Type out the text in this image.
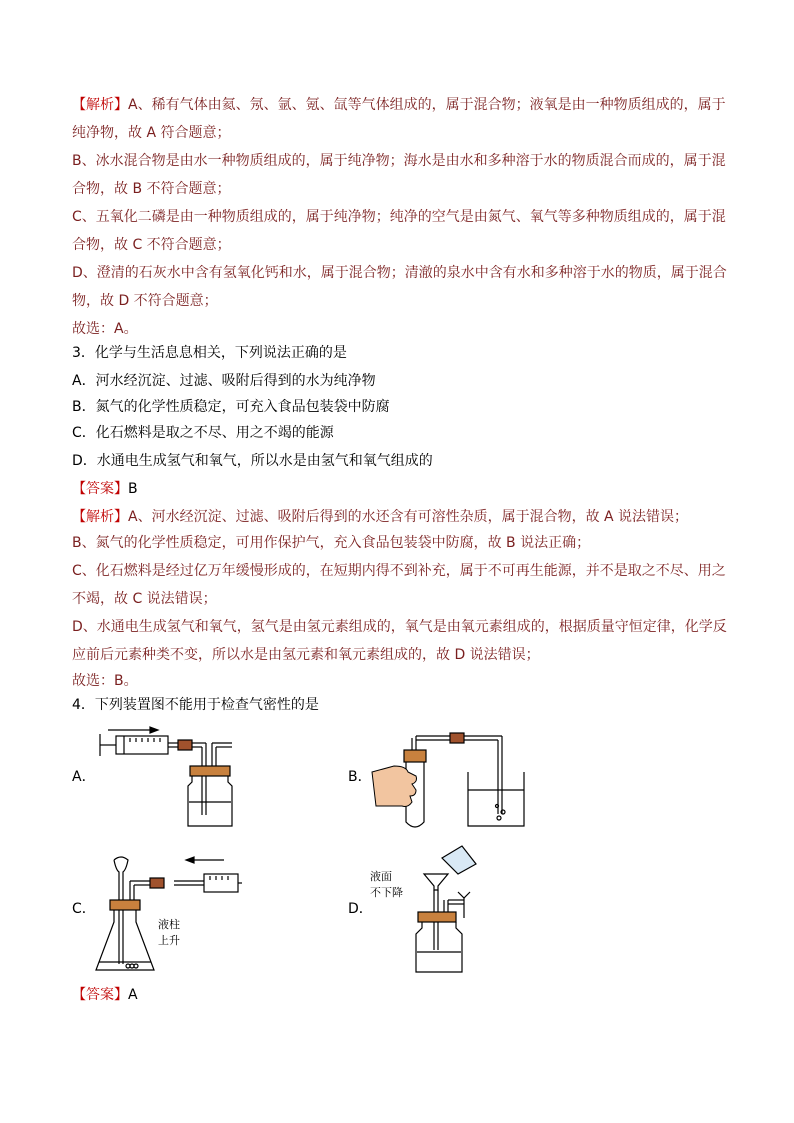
【解析】A、稀有气体由氦、氖、氩、氪、氙等气体组成的，属于混合物；液氧是由一种物质组成的，属于
纯净物，故 A 符合题意；
B、冰水混合物是由水一种物质组成的，属于纯净物；海水是由水和多种溶于水的物质混合而成的，属于混
合物，故 B 不符合题意；
C、五氧化二磷是由一种物质组成的，属于纯净物；纯净的空气是由氮气、氧气等多种物质组成的，属于混
合物，故 C 不符合题意；
D、澄清的石灰水中含有氢氧化钙和水，属于混合物；清澈的泉水中含有水和多种溶于水的物质，属于混合
物，故 D 不符合题意；
故选：A。
3．化学与生活息息相关，下列说法正确的是
A．河水经沉淀、过滤、吸附后得到的水为纯净物
B．氮气的化学性质稳定，可充入食品包装袋中防腐
C．化石燃料是取之不尽、用之不竭的能源
D．水通电生成氢气和氧气，所以水是由氢气和氧气组成的
【答案】B
【解析】A、河水经沉淀、过滤、吸附后得到的水还含有可溶性杂质，属于混合物，故 A 说法错误；
B、氮气的化学性质稳定，可用作保护气，充入食品包装袋中防腐，故 B 说法正确；
C、化石燃料是经过亿万年缓慢形成的，在短期内得不到补充，属于不可再生能源，并不是取之不尽、用之
不竭，故 C 说法错误；
D、水通电生成氢气和氧气，氢气是由氢元素组成的，氧气是由氧元素组成的，根据质量守恒定律，化学反
应前后元素种类不变，所以水是由氢元素和氧元素组成的，故 D 说法错误；
故选：B。
4．下列装置图不能用于检查气密性的是
A．	B．
C．	D．
液柱
上升
液面
不下降
【答案】A
